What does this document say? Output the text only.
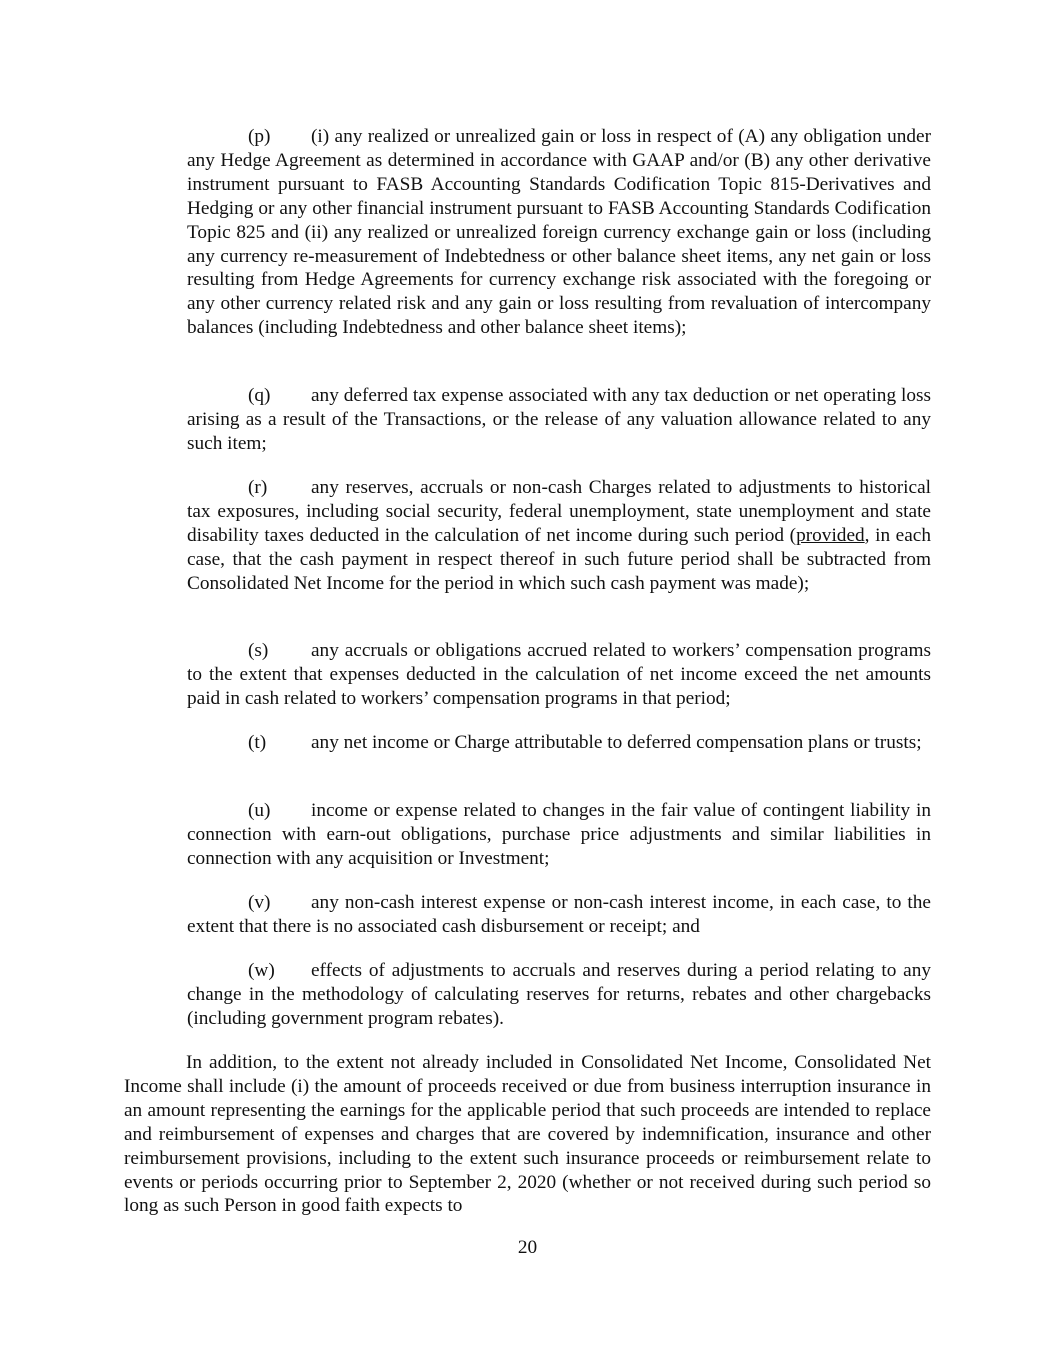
(p) (i) any realized or unrealized gain or loss in respect of (A) any obligation under any Hedge Agreement as determined in accordance with GAAP and/or (B) any other derivative instrument pursuant to FASB Accounting Standards Codification Topic 815-Derivatives and Hedging or any other financial instrument pursuant to FASB Accounting Standards Codification Topic 825 and (ii) any realized or unrealized foreign currency exchange gain or loss (including any currency re-measurement of Indebtedness or other balance sheet items, any net gain or loss resulting from Hedge Agreements for currency exchange risk associated with the foregoing or any other currency related risk and any gain or loss resulting from revaluation of intercompany balances (including Indebtedness and other balance sheet items);

(q) any deferred tax expense associated with any tax deduction or net operating loss arising as a result of the Transactions, or the release of any valuation allowance related to any such item;

(r) any reserves, accruals or non-cash Charges related to adjustments to historical tax exposures, including social security, federal unemployment, state unemployment and state disability taxes deducted in the calculation of net income during such period (provided, in each case, that the cash payment in respect thereof in such future period shall be subtracted from Consolidated Net Income for the period in which such cash payment was made);

(s) any accruals or obligations accrued related to workers’ compensation programs to the extent that expenses deducted in the calculation of net income exceed the net amounts paid in cash related to workers’ compensation programs in that period;

(t) any net income or Charge attributable to deferred compensation plans or trusts;

(u) income or expense related to changes in the fair value of contingent liability in connection with earn-out obligations, purchase price adjustments and similar liabilities in connection with any acquisition or Investment;

(v) any non-cash interest expense or non-cash interest income, in each case, to the extent that there is no associated cash disbursement or receipt; and

(w) effects of adjustments to accruals and reserves during a period relating to any change in the methodology of calculating reserves for returns, rebates and other chargebacks (including government program rebates).

In addition, to the extent not already included in Consolidated Net Income, Consolidated Net Income shall include (i) the amount of proceeds received or due from business interruption insurance in an amount representing the earnings for the applicable period that such proceeds are intended to replace and reimbursement of expenses and charges that are covered by indemnification, insurance and other reimbursement provisions, including to the extent such insurance proceeds or reimbursement relate to events or periods occurring prior to September 2, 2020 (whether or not received during such period so long as such Person in good faith expects to

20
